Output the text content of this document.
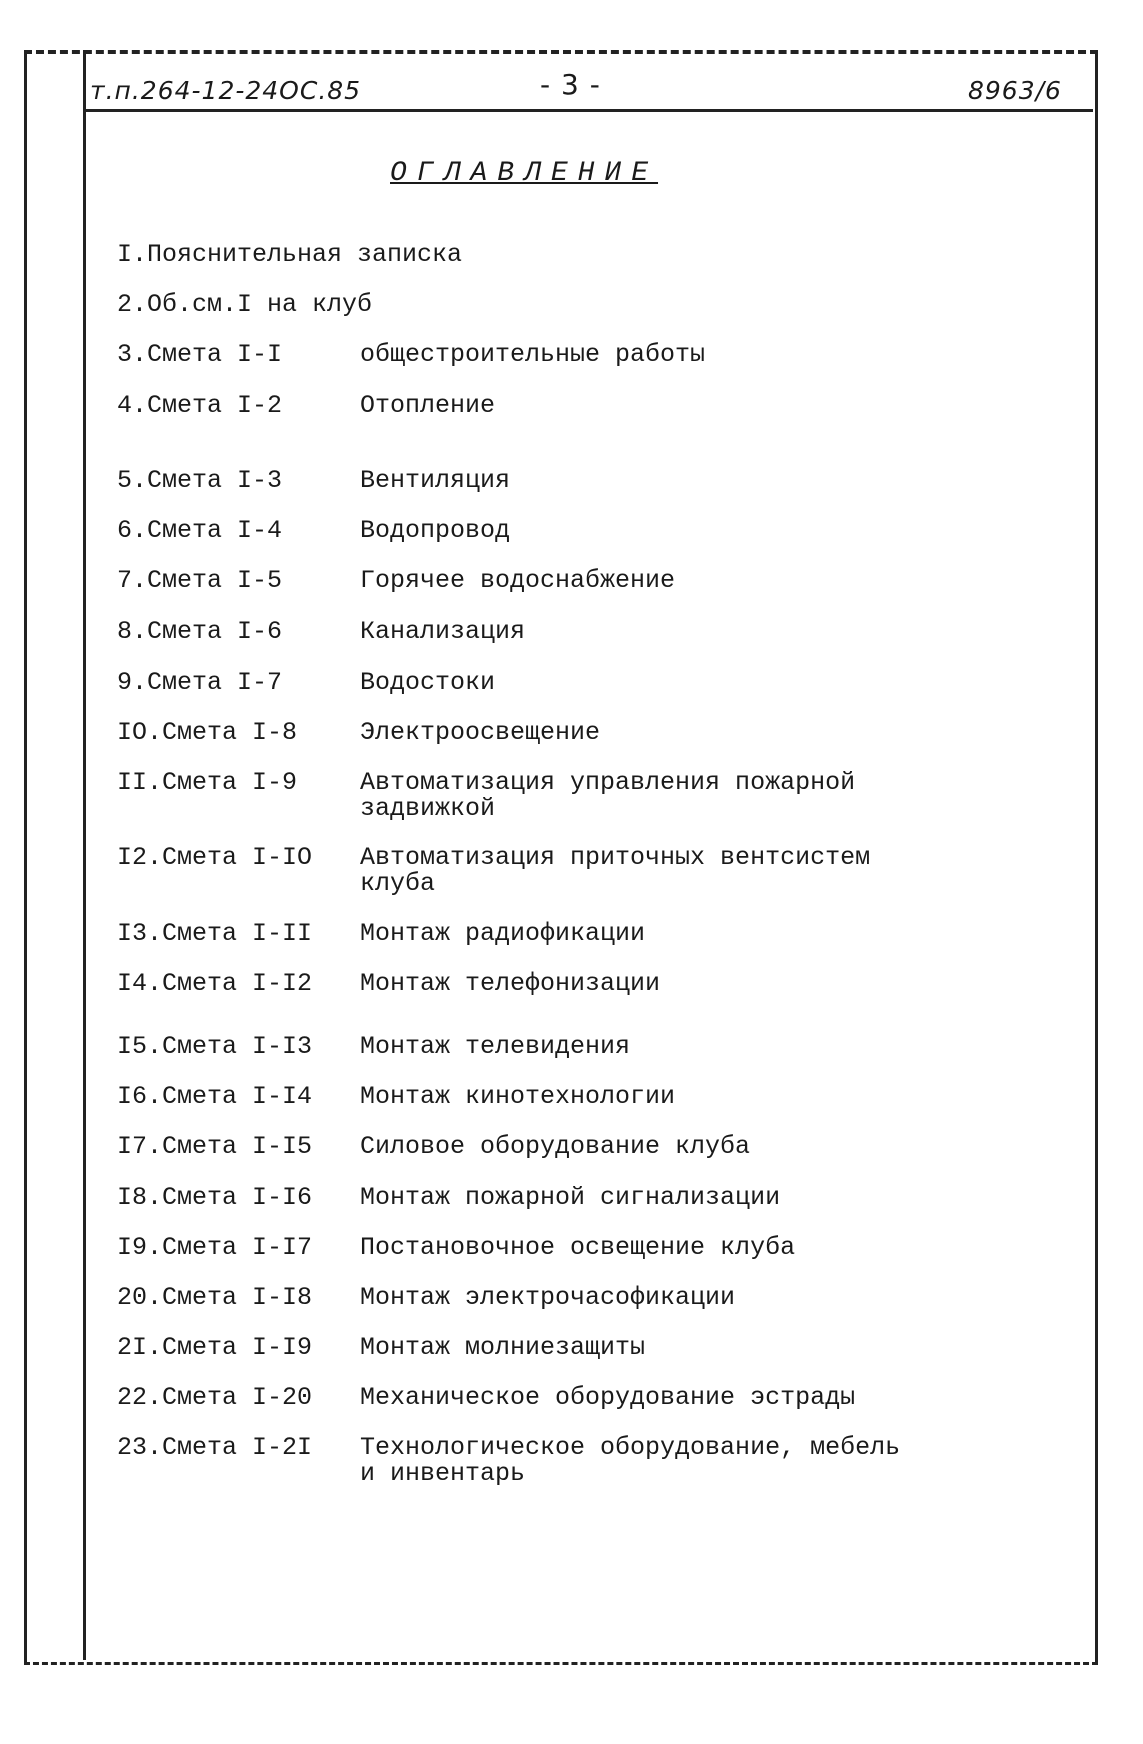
т.п.264-12-24ОС.85	- 3 -	8963/6
ОГЛАВЛЕНИЕ
I.Пояснительная записка
2.Об.см.I на клуб
3.Смета I-I	общестроительные работы
4.Смета I-2	Отопление
5.Смета I-3	Вентиляция
6.Смета I-4	Водопровод
7.Смета I-5	Горячее водоснабжение
8.Смета I-6	Канализация
9.Смета I-7	Водостоки
IO.Смета I-8	Электроосвещение
II.Смета I-9	Автоматизация управления пожарной задвижкой
I2.Смета I-IO Автоматизация приточных вентсистем клуба
I3.Смета I-II Монтаж радиофикации
I4.Смета I-I2 Монтаж телефонизации
I5.Смета I-I3 Монтаж телевидения
I6.Смета I-I4 Монтаж кинотехнологии
I7.Смета I-I5 Силовое оборудование клуба
I8.Смета I-I6 Монтаж пожарной сигнализации
I9.Смета I-I7 Постановочное освещение клуба
20.Смета I-I8 Монтаж электрочасофикации
2I.Смета I-I9 Монтаж молниезащиты
22.Смета I-20 Механическое оборудование эстрады
23.Смета I-2I Технологическое оборудование, мебель и инвентарь
